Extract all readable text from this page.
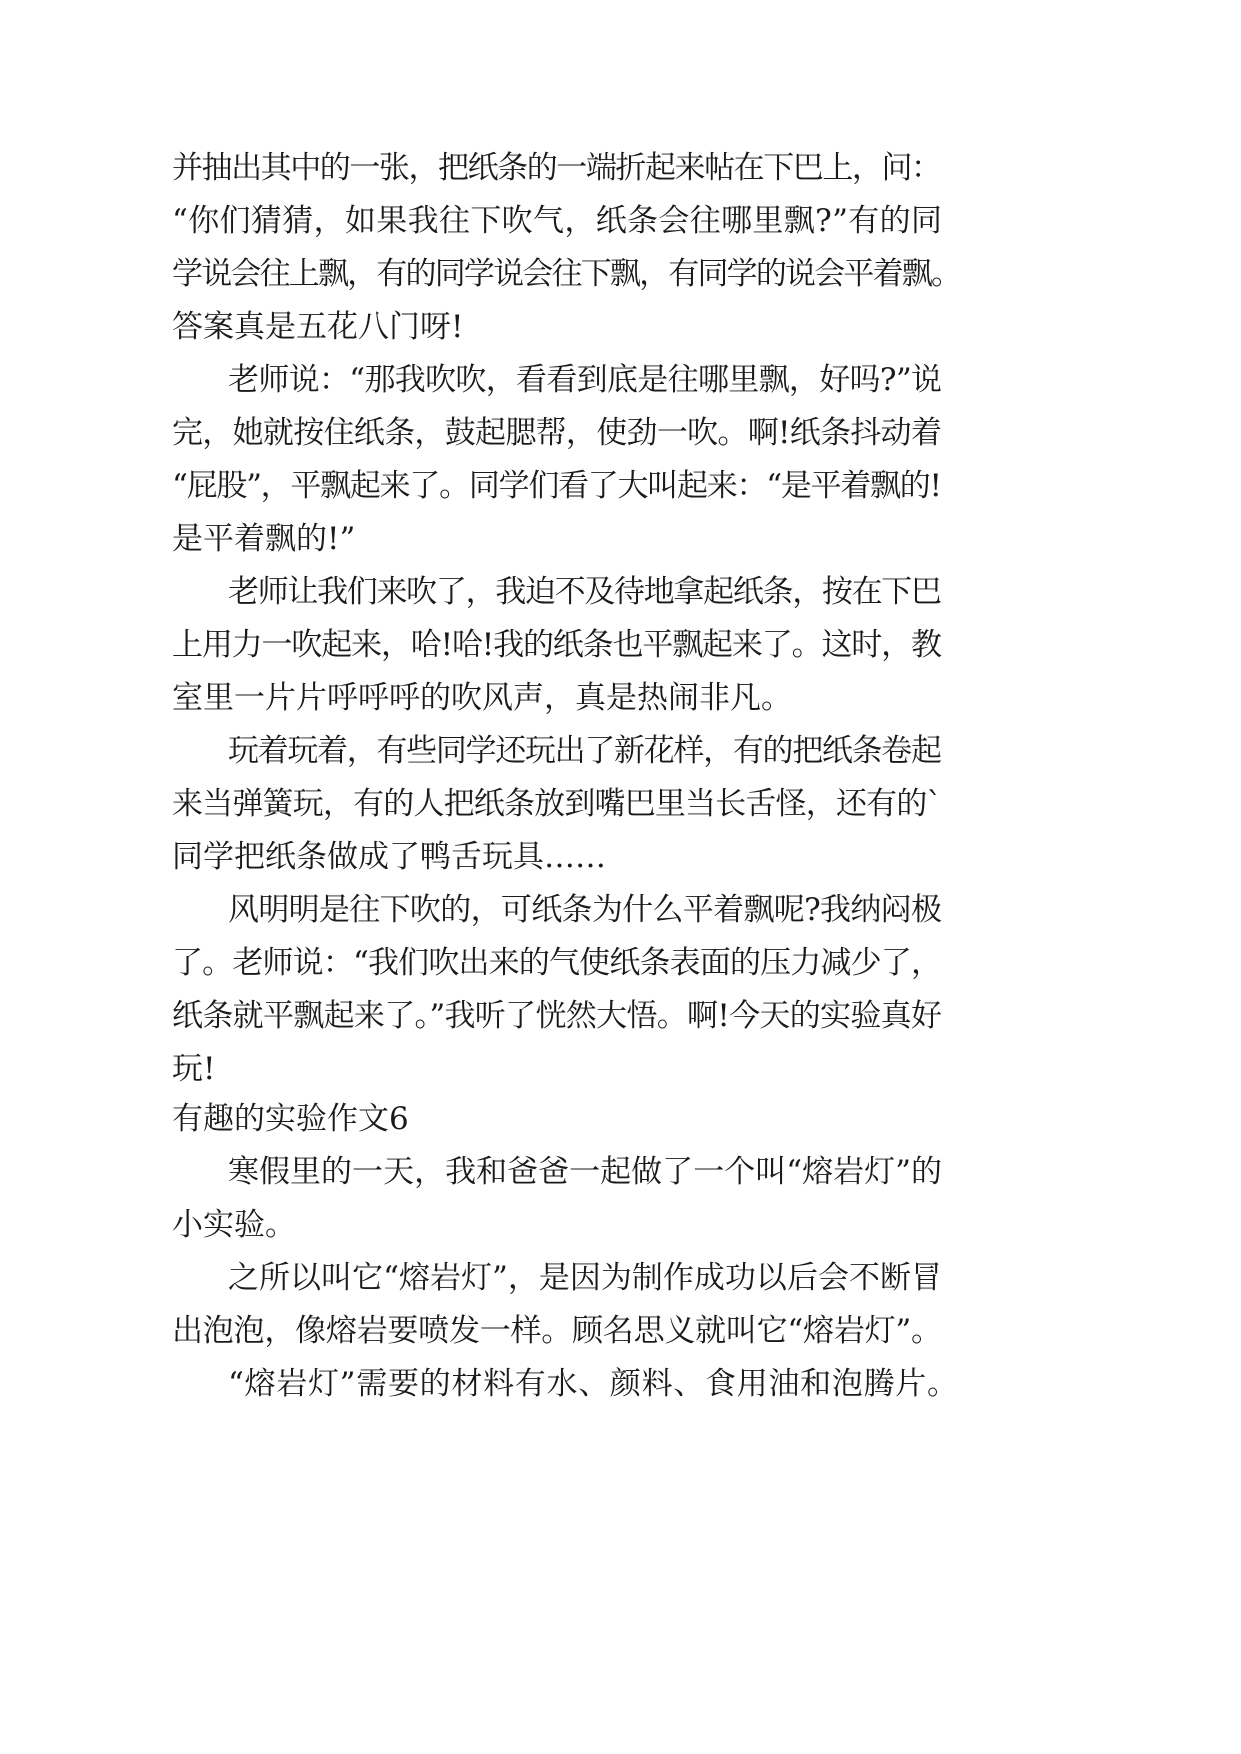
并抽出其中的一张，把纸条的一端折起来帖在下巴上，问：
“你们猜猜，如果我往下吹气，纸条会往哪里飘?”有的同
学说会往上飘，有的同学说会往下飘，有同学的说会平着飘。
答案真是五花八门呀!
老师说：“那我吹吹，看看到底是往哪里飘，好吗?”说
完，她就按住纸条，鼓起腮帮，使劲一吹。啊!纸条抖动着
“屁股”，平飘起来了。同学们看了大叫起来：“是平着飘的!
是平着飘的!”
老师让我们来吹了，我迫不及待地拿起纸条，按在下巴
上用力一吹起来，哈!哈!我的纸条也平飘起来了。这时，教
室里一片片呼呼呼的吹风声，真是热闹非凡。
玩着玩着，有些同学还玩出了新花样，有的把纸条卷起
来当弹簧玩，有的人把纸条放到嘴巴里当长舌怪，还有的`
同学把纸条做成了鸭舌玩具……
风明明是往下吹的，可纸条为什么平着飘呢?我纳闷极
了。老师说：“我们吹出来的气使纸条表面的压力减少了，
纸条就平飘起来了。”我听了恍然大悟。啊!今天的实验真好
玩!
有趣的实验作文6
寒假里的一天，我和爸爸一起做了一个叫“熔岩灯”的
小实验。
之所以叫它“熔岩灯”，是因为制作成功以后会不断冒
出泡泡，像熔岩要喷发一样。顾名思义就叫它“熔岩灯”。
“熔岩灯”需要的材料有水、颜料、食用油和泡腾片。
